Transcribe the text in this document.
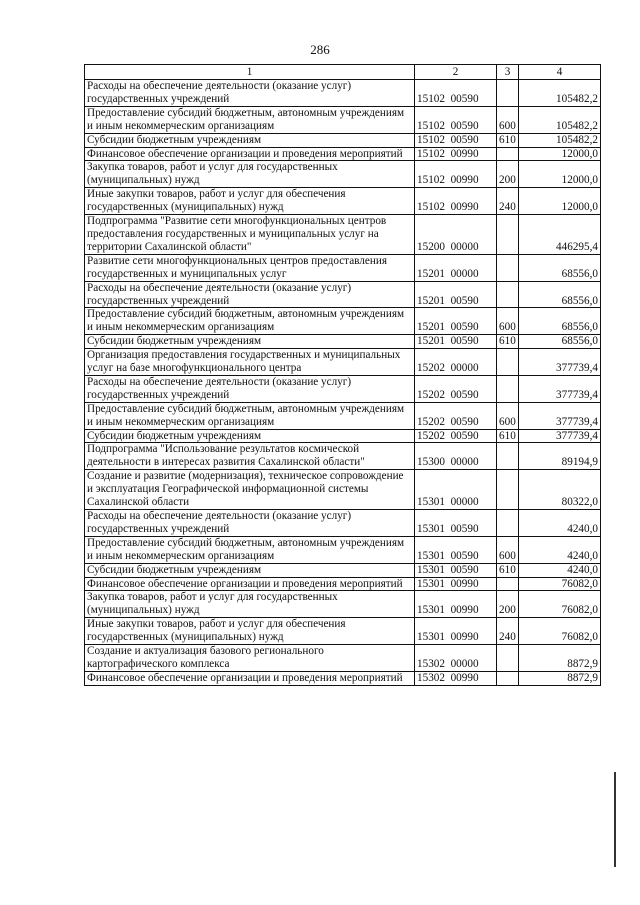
286
1	2	3	4
Расходы на обеспечение деятельности (оказание услуг) государственных учреждений	15102  00590		105482,2
Предоставление субсидий бюджетным, автономным учреждениям и иным некоммерческим организациям	15102  00590	600	105482,2
Субсидии бюджетным учреждениям	15102  00590	610	105482,2
Финансовое обеспечение организации и проведения мероприятий	15102  00990		12000,0
Закупка товаров, работ и услуг для государственных (муниципальных) нужд	15102  00990	200	12000,0
Иные закупки товаров, работ и услуг для обеспечения государственных (муниципальных) нужд	15102  00990	240	12000,0
Подпрограмма "Развитие сети многофункциональных центров предоставления государственных и муниципальных услуг на территории Сахалинской области"	15200  00000		446295,4
Развитие сети многофункциональных центров предоставления государственных и муниципальных услуг	15201  00000		68556,0
Расходы на обеспечение деятельности (оказание услуг) государственных учреждений	15201  00590		68556,0
Предоставление субсидий бюджетным, автономным учреждениям и иным некоммерческим организациям	15201  00590	600	68556,0
Субсидии бюджетным учреждениям	15201  00590	610	68556,0
Организация предоставления государственных и муниципальных услуг на базе многофункционального центра	15202  00000		377739,4
Расходы на обеспечение деятельности (оказание услуг) государственных учреждений	15202  00590		377739,4
Предоставление субсидий бюджетным, автономным учреждениям и иным некоммерческим организациям	15202  00590	600	377739,4
Субсидии бюджетным учреждениям	15202  00590	610	377739,4
Подпрограмма "Использование результатов космической деятельности в интересах развития Сахалинской области"	15300  00000		89194,9
Создание и развитие (модернизация), техническое сопровождение и эксплуатация Географической информационной системы Сахалинской области	15301  00000		80322,0
Расходы на обеспечение деятельности (оказание услуг) государственных учреждений	15301  00590		4240,0
Предоставление субсидий бюджетным, автономным учреждениям и иным некоммерческим организациям	15301  00590	600	4240,0
Субсидии бюджетным учреждениям	15301  00590	610	4240,0
Финансовое обеспечение организации и проведения мероприятий	15301  00990		76082,0
Закупка товаров, работ и услуг для государственных (муниципальных) нужд	15301  00990	200	76082,0
Иные закупки товаров, работ и услуг для обеспечения государственных (муниципальных) нужд	15301  00990	240	76082,0
Создание и актуализация базового регионального картографического комплекса	15302  00000		8872,9
Финансовое обеспечение организации и проведения мероприятий	15302  00990		8872,9
